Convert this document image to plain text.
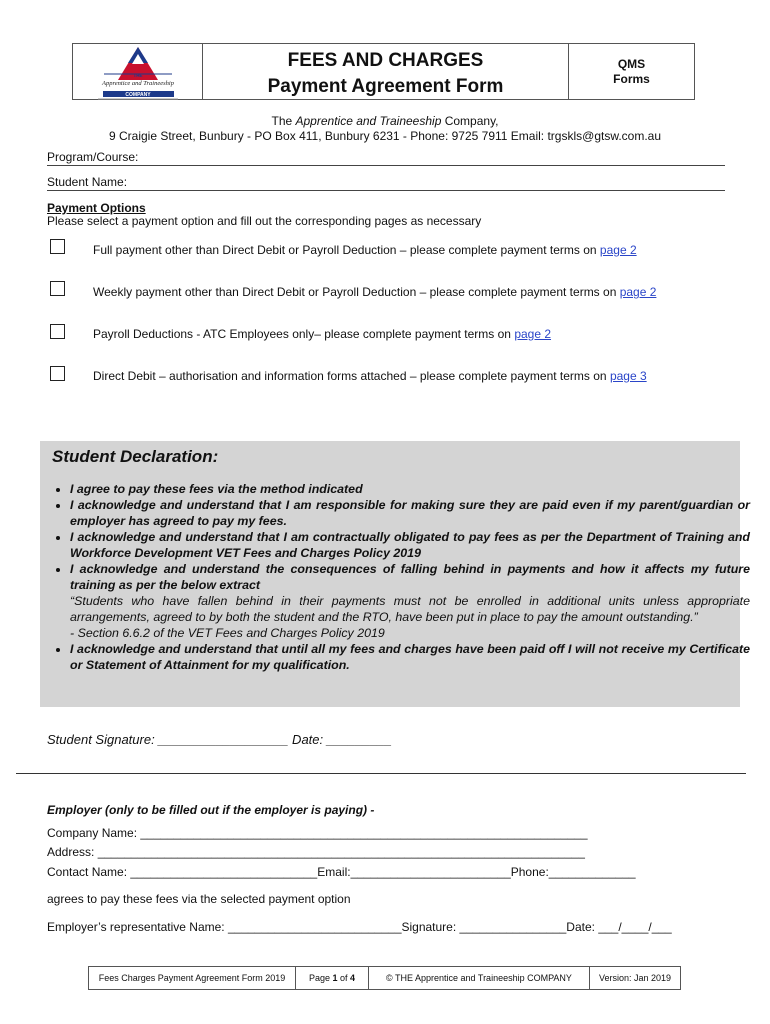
THE
Apprentice and Traineeship
COMPANY
FEES AND CHARGES
Payment Agreement Form
QMS
Forms
The Apprentice and Traineeship Company,
9 Craigie Street, Bunbury - PO Box 411, Bunbury 6231 - Phone: 9725 7911 Email: trgskls@gtsw.com.au
Program/Course:
Student Name:
Payment Options
Please select a payment option and fill out the corresponding pages as necessary
Full payment other than Direct Debit or Payroll Deduction – please complete payment terms on page 2
Weekly payment other than Direct Debit or Payroll Deduction – please complete payment terms on page 2
Payroll Deductions - ATC Employees only– please complete payment terms on page 2
Direct Debit – authorisation and information forms attached – please complete payment terms on page 3
Student Declaration:
• I agree to pay these fees via the method indicated
• I acknowledge and understand that I am responsible for making sure they are paid even if my parent/guardian or employer has agreed to pay my fees.
• I acknowledge and understand that I am contractually obligated to pay fees as per the Department of Training and Workforce Development VET Fees and Charges Policy 2019
• I acknowledge and understand the consequences of falling behind in payments and how it affects my future training as per the below extract
“Students who have fallen behind in their payments must not be enrolled in additional units unless appropriate arrangements, agreed to by both the student and the RTO, have been put in place to pay the amount outstanding.”
- Section 6.6.2 of the VET Fees and Charges Policy 2019
• I acknowledge and understand that until all my fees and charges have been paid off I will not receive my Certificate or Statement of Attainment for my qualification.
Student Signature: __________________ Date: _________
Employer (only to be filled out if the employer is paying) -
Company Name: ___________________________________________________________________
Address: _________________________________________________________________________
Contact Name: ____________________________Email:________________________Phone:_____________
agrees to pay these fees via the selected payment option
Employer’s representative Name: __________________________Signature: ________________Date: ___/____/___
Fees Charges Payment Agreement Form 2019	Page 1 of 4	© THE Apprentice and Traineeship COMPANY	Version: Jan 2019
